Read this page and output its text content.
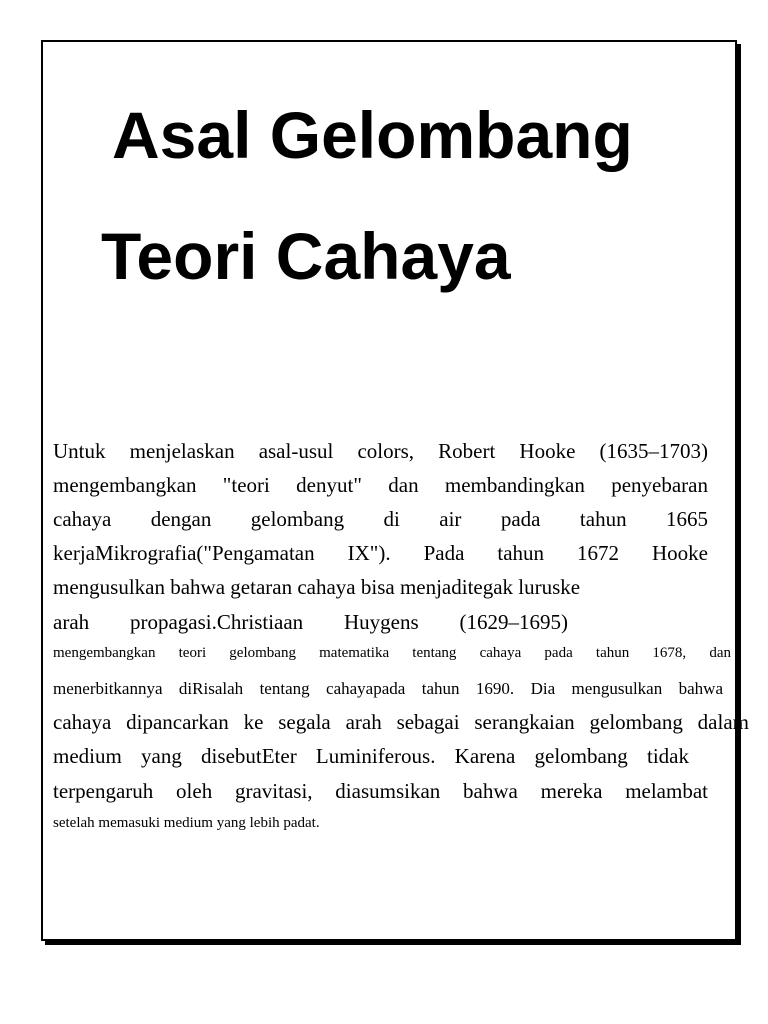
Asal Gelombang
Teori Cahaya
Untuk menjelaskan asal-usul colors, Robert Hooke (1635–1703)
mengembangkan "teori denyut" dan membandingkan penyebaran
cahaya dengan gelombang di air pada tahun 1665
kerjaMikrografia("Pengamatan IX"). Pada tahun 1672 Hooke
mengusulkan bahwa getaran cahaya bisa menjaditegak luruske
arah propagasi.Christiaan Huygens (1629–1695)
mengembangkan teori gelombang matematika tentang cahaya pada tahun 1678, dan
menerbitkannya diRisalah tentang cahayapada tahun 1690. Dia mengusulkan bahwa
cahaya dipancarkan ke segala arah sebagai serangkaian gelombang dalam
medium yang disebutEter Luminiferous. Karena gelombang tidak
terpengaruh oleh gravitasi, diasumsikan bahwa mereka melambat
setelah memasuki medium yang lebih padat.
